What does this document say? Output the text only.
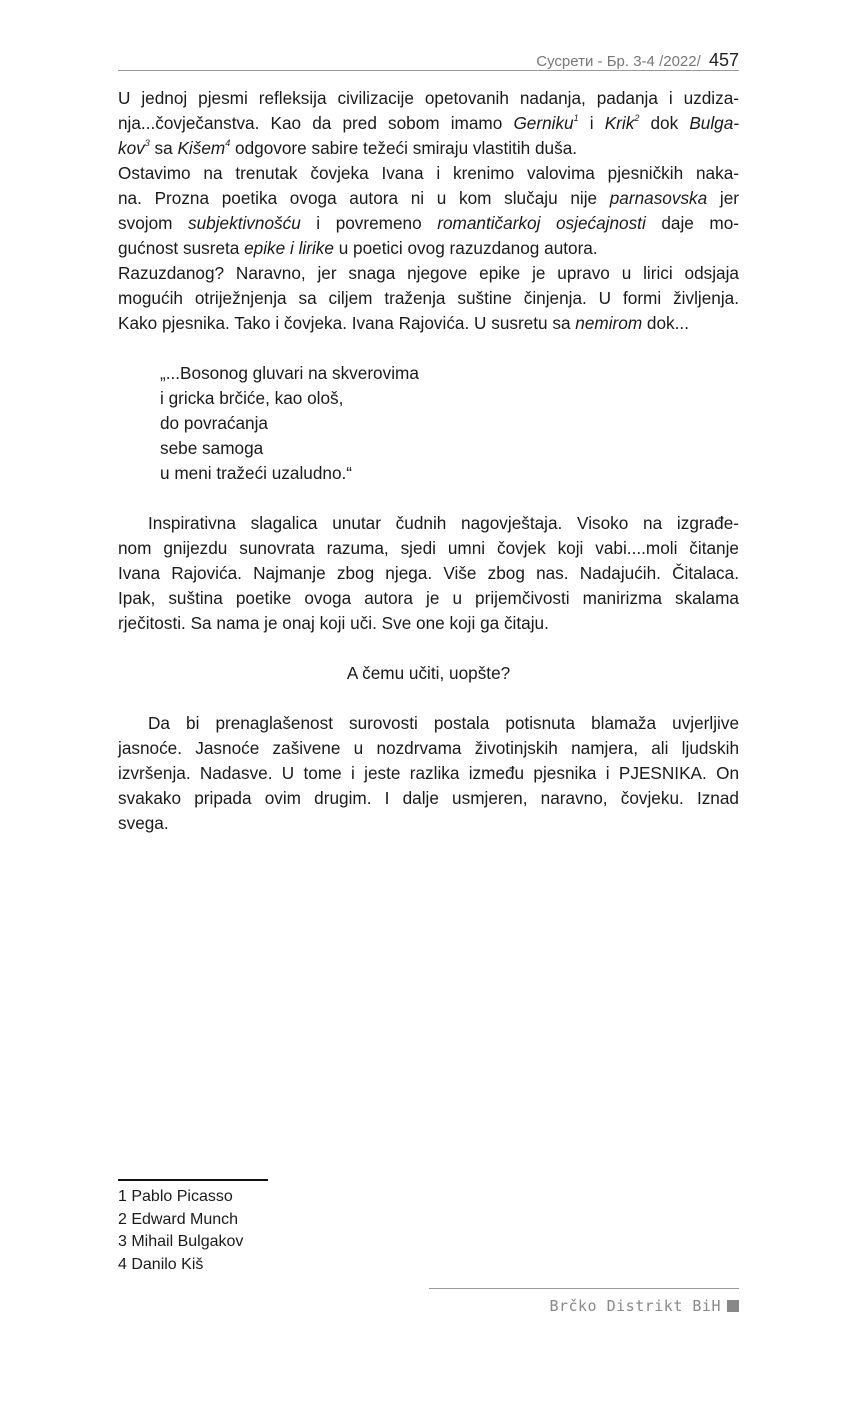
Сусрети - Бр. 3-4 /2022/ 457

U jednoj pjesmi refleksija civilizacije opetovanih nadanja, padanja i uzdiza-

nja...čovječanstva. Kao da pred sobom imamo Gerniku$^1$ i Krik$^2$ dok Bulga-

kov$^3$ sa Kišem$^4$ odgovore sabire težeći smiraju vlastitih duša.

Ostavimo na trenutak čovjeka Ivana i krenimo valovima pjesničkih naka-

na. Prozna poetika ovoga autora ni u kom slučaju nije parnasovska jer

svojom subjektivnošću i povremeno romantičarkoj osjećajnosti daje mo-

gućnost susreta epike i lirike u poetici ovog razuzdanog autora.

Razuzdanog? Naravno, jer snaga njegove epike je upravo u lirici odsjaja

mogućih otriježnjenja sa ciljem traženja suštine činjenja. U formi življenja.

Kako pjesnika. Tako i čovjeka. Ivana Rajovića. U susretu sa nemirom dok...

„...Bosonog gluvari na skverovima
i gricka brčiće, kao ološ,
do povraćanja
sebe samoga
u meni tražeći uzaludno.“

Inspirativna slagalica unutar čudnih nagovještaja. Visoko na izgrađe-

nom gnijezdu sunovrata razuma, sjedi umni čovjek koji vabi....moli čitanje

Ivana Rajovića. Najmanje zbog njega. Više zbog nas. Nadajućih. Čitalaca.

Ipak, suština poetike ovoga autora je u prijemčivosti manirizma skalama

rječitosti. Sa nama je onaj koji uči. Sve one koji ga čitaju.

A čemu učiti, uopšte?

Da bi prenaglašenost surovosti postala potisnuta blamaža uvjerljive

jasnoće. Jasnoće zašivene u nozdrvama životinjskih namjera, ali ljudskih

izvršenja. Nadasve. U tome i jeste razlika između pjesnika i PJESNIKA. On

svakako pripada ovim drugim. I dalje usmjeren, naravno, čovjeku. Iznad

svega.

1 Pablo Picasso
2 Edward Munch
3 Mihail Bulgakov
4 Danilo Kiš
Brčko Distrikt BiH
